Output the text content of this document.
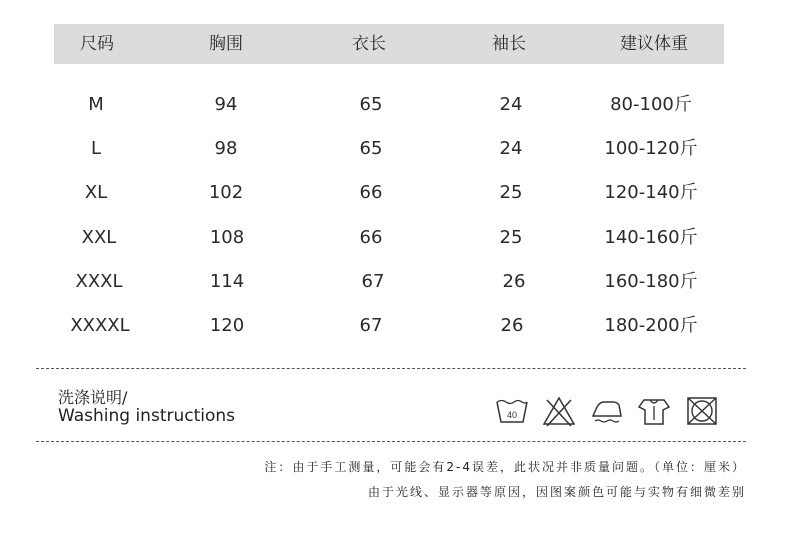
尺码	胸围	衣长	袖长	建议体重
M	94	65	24	80-100斤
L	98	65	24	100-120斤
XL	102	66	25	120-140斤
XXL	108	66	25	140-160斤
XXXL	114	67	26	160-180斤
XXXXL	120	67	26	180-200斤
洗涤说明/
Washing instructions	40
注：由于手工测量，可能会有2-4误差，此状况并非质量问题。（单位：厘米）
由于光线、显示器等原因，因图案颜色可能与实物有细微差别
